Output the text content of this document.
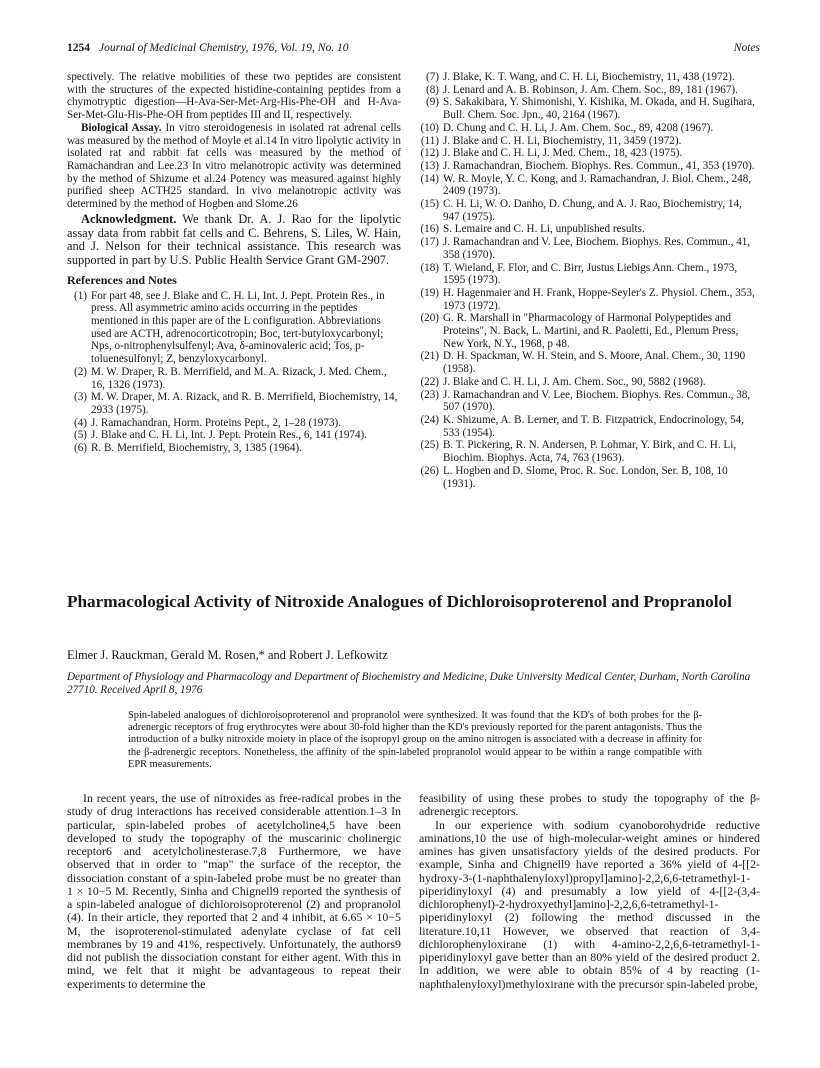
1254 Journal of Medicinal Chemistry, 1976, Vol. 19, No. 10	Notes

spectively. The relative mobilities of these two peptides are consistent with the structures of the expected histidine-containing peptides from a chymotryptic digestion—H-Ava-Ser-Met-Arg-His-Phe-OH and H-Ava-Ser-Met-Glu-His-Phe-OH from peptides III and II, respectively.

Biological Assay. In vitro steroidogenesis in isolated rat adrenal cells was measured by the method of Moyle et al.14 In vitro lipolytic activity in isolated rat and rabbit fat cells was measured by the method of Ramachandran and Lee.23 In vitro melanotropic activity was determined by the method of Shizume et al.24 Potency was measured against highly purified sheep ACTH25 standard. In vivo melanotropic activity was determined by the method of Hogben and Slome.26

Acknowledgment. We thank Dr. A. J. Rao for the lipolytic assay data from rabbit fat cells and C. Behrens, S. Liles, W. Hain, and J. Nelson for their technical assistance. This research was supported in part by U.S. Public Health Service Grant GM-2907.

References and Notes

(1) For part 48, see J. Blake and C. H. Li, Int. J. Pept. Protein Res., in press. All asymmetric amino acids occurring in the peptides mentioned in this paper are of the L configuration. Abbreviations used are ACTH, adrenocorticotropin; Boc, tert-butyloxycarbonyl; Nps, o-nitrophenylsulfenyl; Ava, δ-aminovaleric acid; Tos, p-toluenesulfonyl; Z, benzyloxycarbonyl.
(2) M. W. Draper, R. B. Merrifield, and M. A. Rizack, J. Med. Chem., 16, 1326 (1973).
(3) M. W. Draper, M. A. Rizack, and R. B. Merrifield, Biochemistry, 14, 2933 (1975).
(4) J. Ramachandran, Horm. Proteins Pept., 2, 1–28 (1973).
(5) J. Blake and C. H. Li, Int. J. Pept. Protein Res., 6, 141 (1974).
(6) R. B. Merrifield, Biochemistry, 3, 1385 (1964).
(7) J. Blake, K. T. Wang, and C. H. Li, Biochemistry, 11, 438 (1972).
(8) J. Lenard and A. B. Robinson, J. Am. Chem. Soc., 89, 181 (1967).
(9) S. Sakakibara, Y. Shimonishi, Y. Kishika, M. Okada, and H. Sugihara, Bull. Chem. Soc. Jpn., 40, 2164 (1967).
(10) D. Chung and C. H. Li, J. Am. Chem. Soc., 89, 4208 (1967).
(11) J. Blake and C. H. Li, Biochemistry, 11, 3459 (1972).
(12) J. Blake and C. H. Li, J. Med. Chem., 18, 423 (1975).
(13) J. Ramachandran, Biochem. Biophys. Res. Commun., 41, 353 (1970).
(14) W. R. Moyle, Y. C. Kong, and J. Ramachandran, J. Biol. Chem., 248, 2409 (1973).
(15) C. H. Li, W. O. Danho, D. Chung, and A. J. Rao, Biochemistry, 14, 947 (1975).
(16) S. Lemaire and C. H. Li, unpublished results.
(17) J. Ramachandran and V. Lee, Biochem. Biophys. Res. Commun., 41, 358 (1970).
(18) T. Wieland, F. Flor, and C. Birr, Justus Liebigs Ann. Chem., 1973, 1595 (1973).
(19) H. Hagenmaier and H. Frank, Hoppe-Seyler's Z. Physiol. Chem., 353, 1973 (1972).
(20) G. R. Marshall in "Pharmacology of Harmonal Polypeptides and Proteins", N. Back, L. Martini, and R. Paoletti, Ed., Plenum Press, New York, N.Y., 1968, p 48.
(21) D. H. Spackman, W. H. Stein, and S. Moore, Anal. Chem., 30, 1190 (1958).
(22) J. Blake and C. H. Li, J. Am. Chem. Soc., 90, 5882 (1968).
(23) J. Ramachandran and V. Lee, Biochem. Biophys. Res. Commun., 38, 507 (1970).
(24) K. Shizume, A. B. Lerner, and T. B. Fitzpatrick, Endocrinology, 54, 533 (1954).
(25) B. T. Pickering, R. N. Andersen, P. Lohmar, Y. Birk, and C. H. Li, Biochim. Biophys. Acta, 74, 763 (1963).
(26) L. Hogben and D. Slome, Proc. R. Soc. London, Ser. B, 108, 10 (1931).
Pharmacological Activity of Nitroxide Analogues of Dichloroisoproterenol and Propranolol
Elmer J. Rauckman, Gerald M. Rosen,* and Robert J. Lefkowitz
Department of Physiology and Pharmacology and Department of Biochemistry and Medicine, Duke University Medical Center, Durham, North Carolina 27710. Received April 8, 1976
Spin-labeled analogues of dichloroisoproterenol and propranolol were synthesized. It was found that the KD's of both probes for the β-adrenergic receptors of frog erythrocytes were about 30-fold higher than the KD's previously reported for the parent antagonists. Thus the introduction of a bulky nitroxide moiety in place of the isopropyl group on the amino nitrogen is associated with a decrease in affinity for the β-adrenergic receptors. Nonetheless, the affinity of the spin-labeled propranolol would appear to be within a range compatible with EPR measurements.

In recent years, the use of nitroxides as free-radical probes in the study of drug interactions has received considerable attention.1–3 In particular, spin-labeled probes of acetylcholine4,5 have been developed to study the topography of the muscarinic cholinergic receptor6 and acetylcholinesterase.7,8 Furthermore, we have observed that in order to "map" the surface of the receptor, the dissociation constant of a spin-labeled probe must be no greater than 1 × 10−5 M. Recently, Sinha and Chignell9 reported the synthesis of a spin-labeled analogue of dichloroisoproterenol (2) and propranolol (4). In their article, they reported that 2 and 4 inhibit, at 6.65 × 10−5 M, the isoproterenol-stimulated adenylate cyclase of fat cell membranes by 19 and 41%, respectively. Unfortunately, the authors9 did not publish the dissociation constant for either agent. With this in mind, we felt that it might be advantageous to repeat their experiments to determine the

feasibility of using these probes to study the topography of the β-adrenergic receptors.

In our experience with sodium cyanoborohydride reductive aminations,10 the use of high-molecular-weight amines or hindered amines has given unsatisfactory yields of the desired products. For example, Sinha and Chignell9 have reported a 36% yield of 4-[[2-hydroxy-3-(1-naphthalenyloxyl)propyl]amino]-2,2,6,6-tetramethyl-1-piperidinyloxyl (4) and presumably a low yield of 4-[[2-(3,4-dichlorophenyl)-2-hydroxyethyl]amino]-2,2,6,6-tetramethyl-1-piperidinyloxyl (2) following the method discussed in the literature.10,11 However, we observed that reaction of 3,4-dichlorophenyloxirane (1) with 4-amino-2,2,6,6-tetramethyl-1-piperidinyloxyl gave better than an 80% yield of the desired product 2. In addition, we were able to obtain 85% of 4 by reacting (1-naphthalenyloxyl)methyloxirane with the precursor spin-labeled probe,
